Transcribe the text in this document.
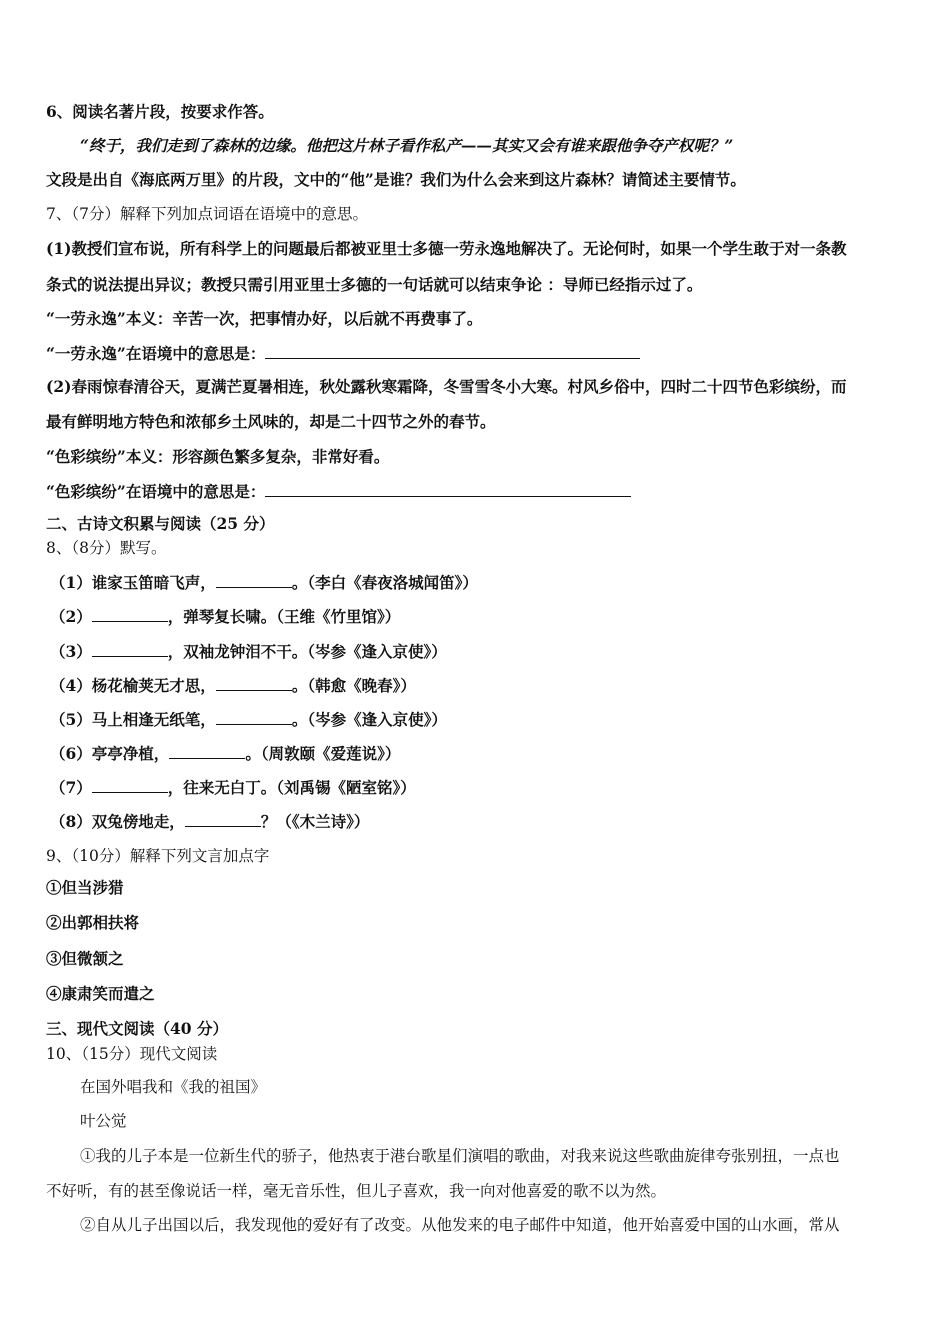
6、阅读名著片段，按要求作答。
“终于，我们走到了森林的边缘。他把这片林子看作私产——其实又会有谁来跟他争夺产权呢？”
文段是出自《海底两万里》的片段，文中的“他”是谁？我们为什么会来到这片森林？请简述主要情节。
7、（7分）解释下列加点词语在语境中的意思。
(1)教授们宣布说，所有科学上的问题最后都被亚里士多德一劳永逸地解决了。无论何时，如果一个学生敢于对一条教
条式的说法提出异议；教授只需引用亚里士多德的一句话就可以结束争论 ：导师已经指示过了。
“一劳永逸”本义：辛苦一次，把事情办好，以后就不再费事了。
“一劳永逸”在语境中的意思是：
(2)春雨惊春清谷天，夏满芒夏暑相连，秋处露秋寒霜降，冬雪雪冬小大寒。村风乡俗中，四时二十四节色彩缤纷，而
最有鲜明地方特色和浓郁乡土风味的，却是二十四节之外的春节。
“色彩缤纷”本义：形容颜色繁多复杂，非常好看。
“色彩缤纷”在语境中的意思是：
二、古诗文积累与阅读（25 分）
8、（8分）默写。
（1）谁家玉笛暗飞声，	。（李白《春夜洛城闻笛》）
（2）	，弹琴复长啸。（王维《竹里馆》）
（3）	，双袖龙钟泪不干。（岑参《逢入京使》）
（4）杨花榆荚无才思，	。（韩愈《晚春》）
（5）马上相逢无纸笔，	。（岑参《逢入京使》）
（6）亭亭净植，	。（周敦颐《爱莲说》）
（7）	，往来无白丁。（刘禹锡《陋室铭》）
（8）双兔傍地走，	？（《木兰诗》）
9、（10分）解释下列文言加点字
①但当涉猎
②出郭相扶将
③但微颔之
④康肃笑而遣之
三、现代文阅读（40 分）
10、（15分）现代文阅读
在国外唱我和《我的祖国》
叶公觉
①我的儿子本是一位新生代的骄子，他热衷于港台歌星们演唱的歌曲，对我来说这些歌曲旋律夸张别扭，一点也
不好听，有的甚至像说话一样，毫无音乐性，但儿子喜欢，我一向对他喜爱的歌不以为然。
②自从儿子出国以后，我发现他的爱好有了改变。从他发来的电子邮件中知道，他开始喜爱中国的山水画，常从
